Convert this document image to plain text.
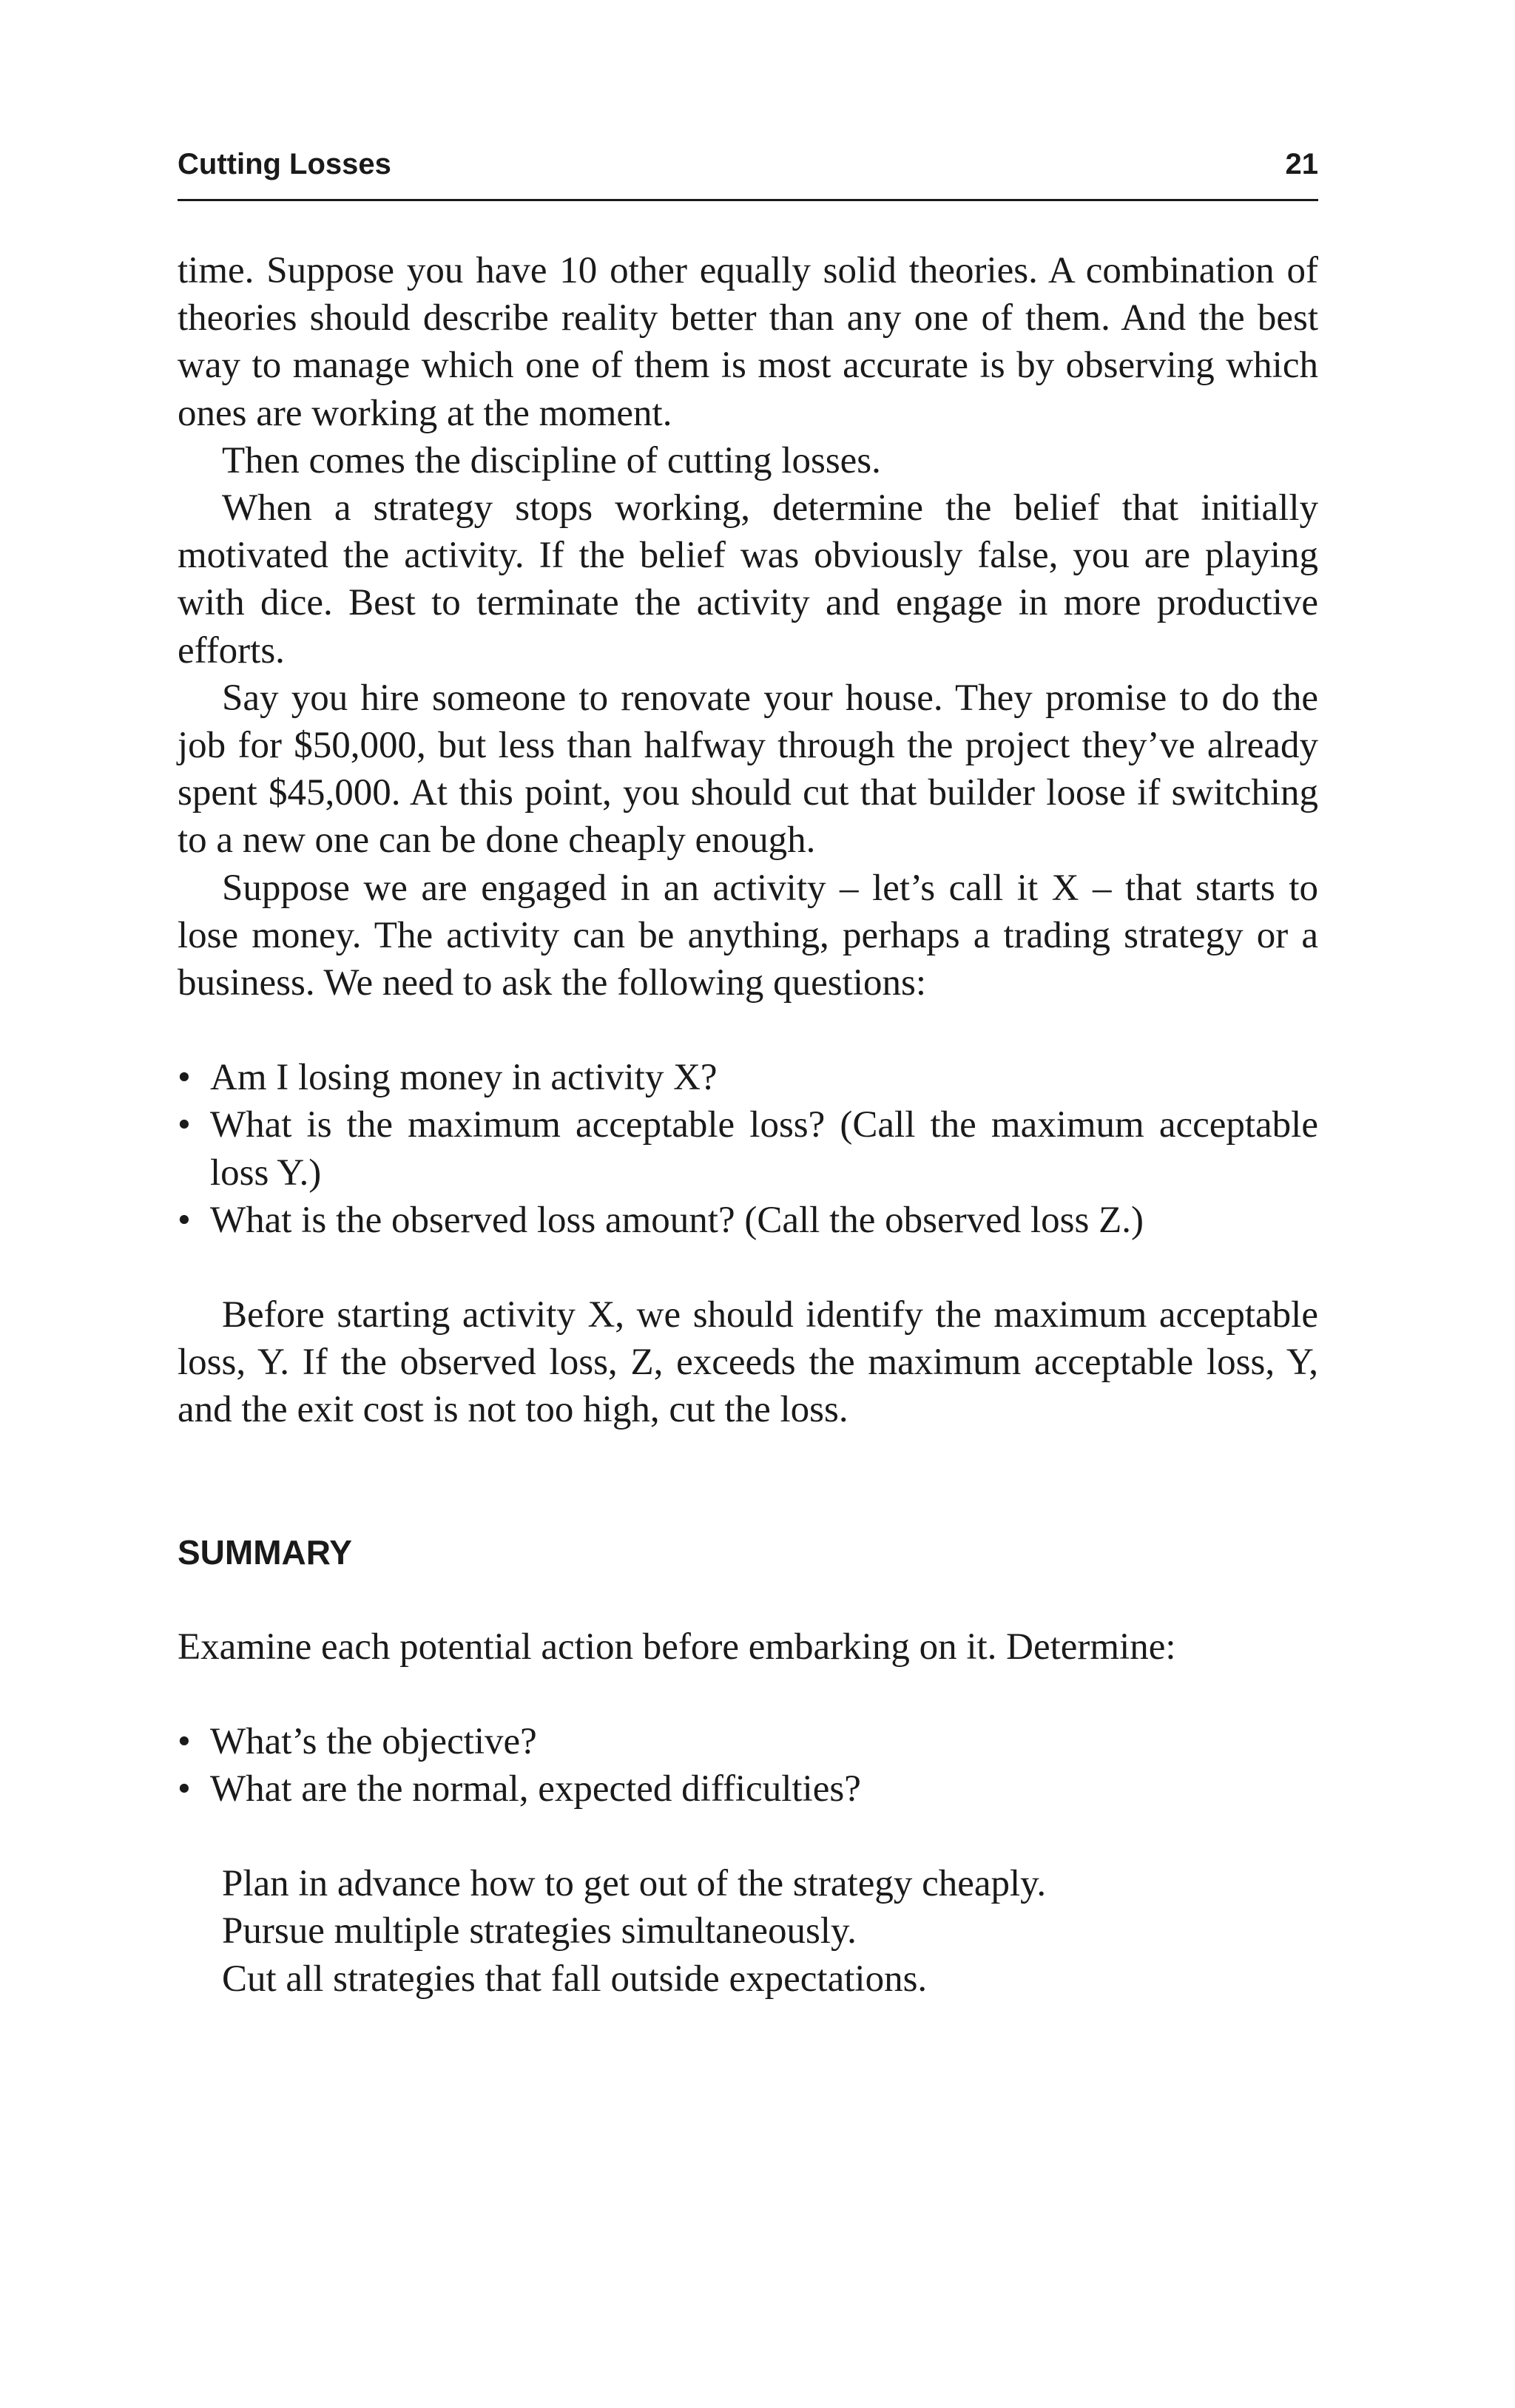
Cutting Losses	21

time. Suppose you have 10 other equally solid theories. A combination of theories should describe reality better than any one of them. And the best way to manage which one of them is most accurate is by observing which ones are working at the moment.

Then comes the discipline of cutting losses.

When a strategy stops working, determine the belief that initially motivated the activity. If the belief was obviously false, you are playing with dice. Best to terminate the activity and engage in more productive efforts.

Say you hire someone to renovate your house. They promise to do the job for $50,000, but less than halfway through the project they’ve already spent $45,000. At this point, you should cut that builder loose if switching to a new one can be done cheaply enough.

Suppose we are engaged in an activity – let’s call it X – that starts to lose money. The activity can be anything, perhaps a trading strategy or a business. We need to ask the following questions:

• Am I losing money in activity X?
• What is the maximum acceptable loss? (Call the maximum acceptable loss Y.)
• What is the observed loss amount? (Call the observed loss Z.)

Before starting activity X, we should identify the maximum acceptable loss, Y. If the observed loss, Z, exceeds the maximum acceptable loss, Y, and the exit cost is not too high, cut the loss.

SUMMARY

Examine each potential action before embarking on it. Determine:

• What’s the objective?
• What are the normal, expected difficulties?

Plan in advance how to get out of the strategy cheaply.

Pursue multiple strategies simultaneously.

Cut all strategies that fall outside expectations.
